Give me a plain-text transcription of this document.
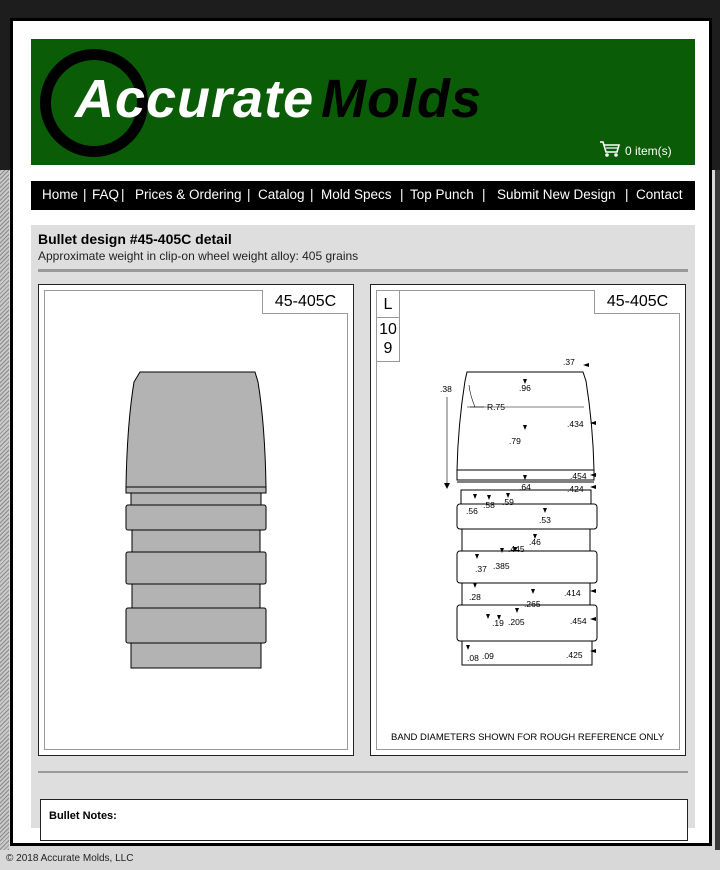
Accurate Molds
0 item(s)
Home | FAQ | Prices & Ordering | Catalog | Mold Specs | Top Punch | Submit New Design | Contact
Bullet design #45-405C detail
Approximate weight in clip-on wheel weight alloy: 405 grains
45-405C	45-405C
L
10
9
.37
.38	.96
R.75
.434
.79
.454
.64	.424
.56
.58 .59
.53
.46
.445
.37 .385
.28
.265
.414
.19 .205	.454
.08 .09	.425
BAND DIAMETERS SHOWN FOR ROUGH REFERENCE ONLY
Bullet Notes:
© 2018 Accurate Molds, LLC
